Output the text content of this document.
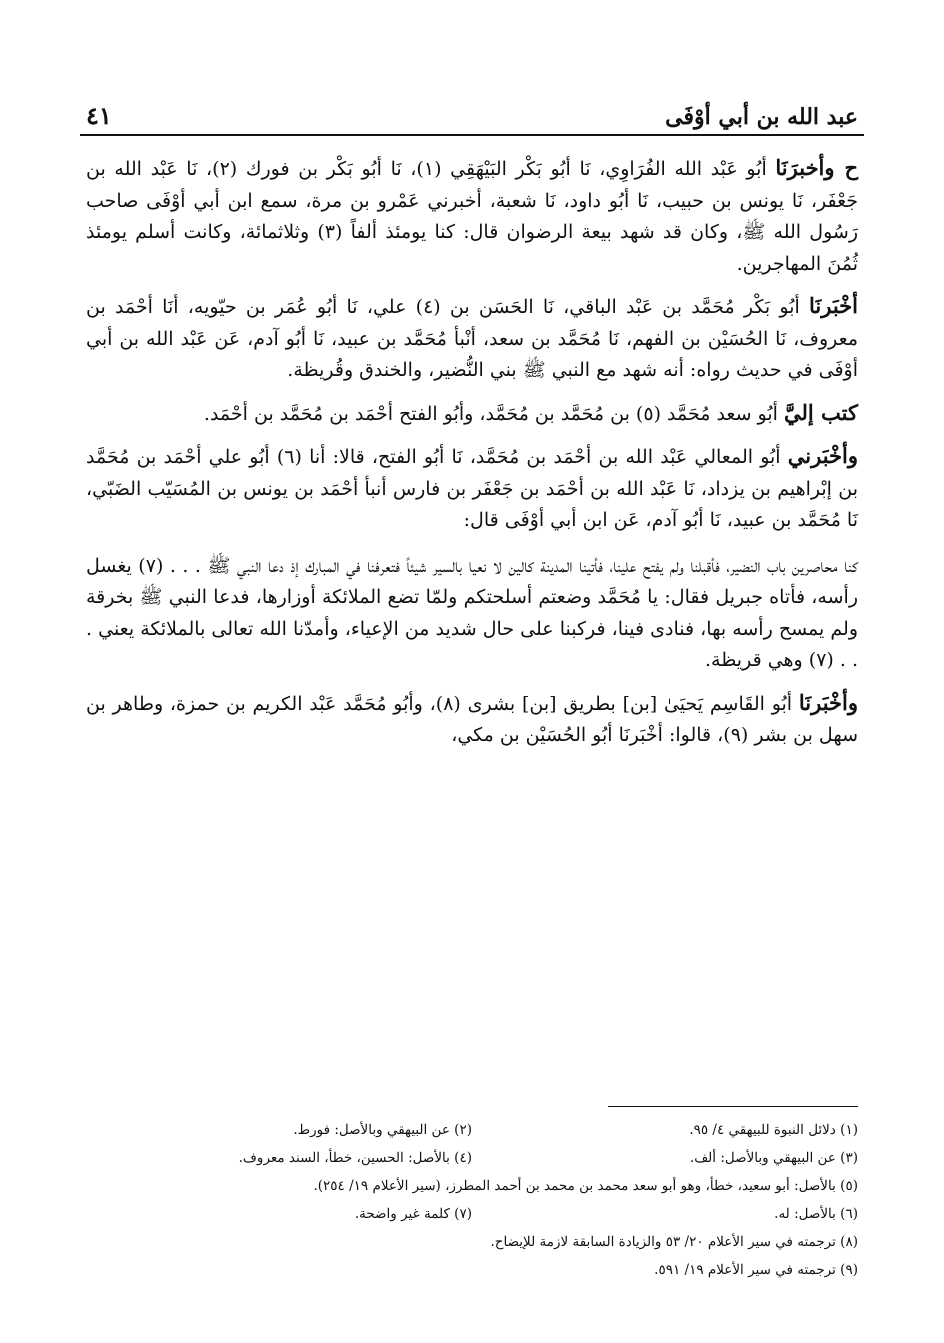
٤١	عبد الله بن أبي أوْفَى

ح وأخبرَنَا أبُو عَبْد الله الفُرَاوِي، نَا أبُو بَكْر البَيْهَقِي (١)، نَا أبُو بَكْر بن فورك (٢)، نَا عَبْد الله بن جَعْفَر، نَا يونس بن حبيب، نَا أبُو داود، نَا شعبة، أخبرني عَمْرو بن مرة، سمع ابن أبي أوْفَى صاحب رَسُول الله ﷺ، وكان قد شهد بيعة الرضوان قال: كنا يومئذ ألفاً (٣) وثلاثمائة، وكانت أسلم يومئذ ثُمُنَ المهاجرين.

أخْبَرنَا أبُو بَكْر مُحَمَّد بن عَبْد الباقي، نَا الحَسَن بن (٤) علي، نَا أبُو عُمَر بن حيّويه، أنَا أحْمَد بن معروف، نَا الحُسَيْن بن الفهم، نَا مُحَمَّد بن سعد، أنْبأ مُحَمَّد بن عبيد، نَا أبُو آدم، عَن عَبْد الله بن أبي أوْفَى في حديث رواه: أنه شهد مع النبي ﷺ بني النُّضير، والخندق وقُريظة.

كتب إليَّ أبُو سعد مُحَمَّد (٥) بن مُحَمَّد بن مُحَمَّد، وأبُو الفتح أحْمَد بن مُحَمَّد بن أحْمَد.

وأخْبَرني أبُو المعالي عَبْد الله بن أحْمَد بن مُحَمَّد، نَا أبُو الفتح، قالا: أنا (٦) أبُو علي أحْمَد بن مُحَمَّد بن إبْراهيم بن يزداد، نَا عَبْد الله بن أحْمَد بن جَعْفَر بن فارس أنبأ أحْمَد بن يونس بن المُسَيّب الضَبّي، نَا مُحَمَّد بن عبيد، نَا أبُو آدم، عَن ابن أبي أوْفَى قال:

كنا محاصرين باب النضير، فأقبلنا ولم يفتح علينا، فأتينا المدينة كالين لا نعيا بالسير شيئاً فتعرفنا في المبارك إذ دعا النبي ﷺ . . . (٧) يغسل رأسه، فأتاه جبريل فقال: يا مُحَمَّد وضعتم أسلحتكم ولمّا تضع الملائكة أوزارها، فدعا النبي ﷺ بخرقة ولم يمسح رأسه بها، فنادى فينا، فركبنا على حال شديد من الإعياء، وأمدّنا الله تعالى بالملائكة يعني . . . (٧) وهي قريظة.

وأخْبَرنَا أبُو القَاسِم يَحيَىٰ [بن] بطريق [بن] بشرى (٨)، وأبُو مُحَمَّد عَبْد الكريم بن حمزة، وطاهر بن سهل بن بشر (٩)، قالوا: أخْبَرنَا أبُو الحُسَيْن بن مكي،

(١) دلائل النبوة للبيهقي ٤/ ٩٥.
(٢) عن البيهقي وبالأصل: فورط.
(٣) عن البيهقي وبالأصل: ألف.
(٤) بالأصل: الحسين، خطأ، السند معروف.
(٥) بالأصل: أبو سعيد، خطأ، وهو أبو سعد محمد بن محمد بن أحمد المطرز، (سير الأعلام ١٩/ ٢٥٤).
(٦) بالأصل: له.
(٧) كلمة غير واضحة.
(٨) ترجمته في سير الأعلام ٢٠/ ٥٣ والزيادة السابقة لازمة للإيضاح.
(٩) ترجمته في سير الأعلام ١٩/ ٥٩١.
